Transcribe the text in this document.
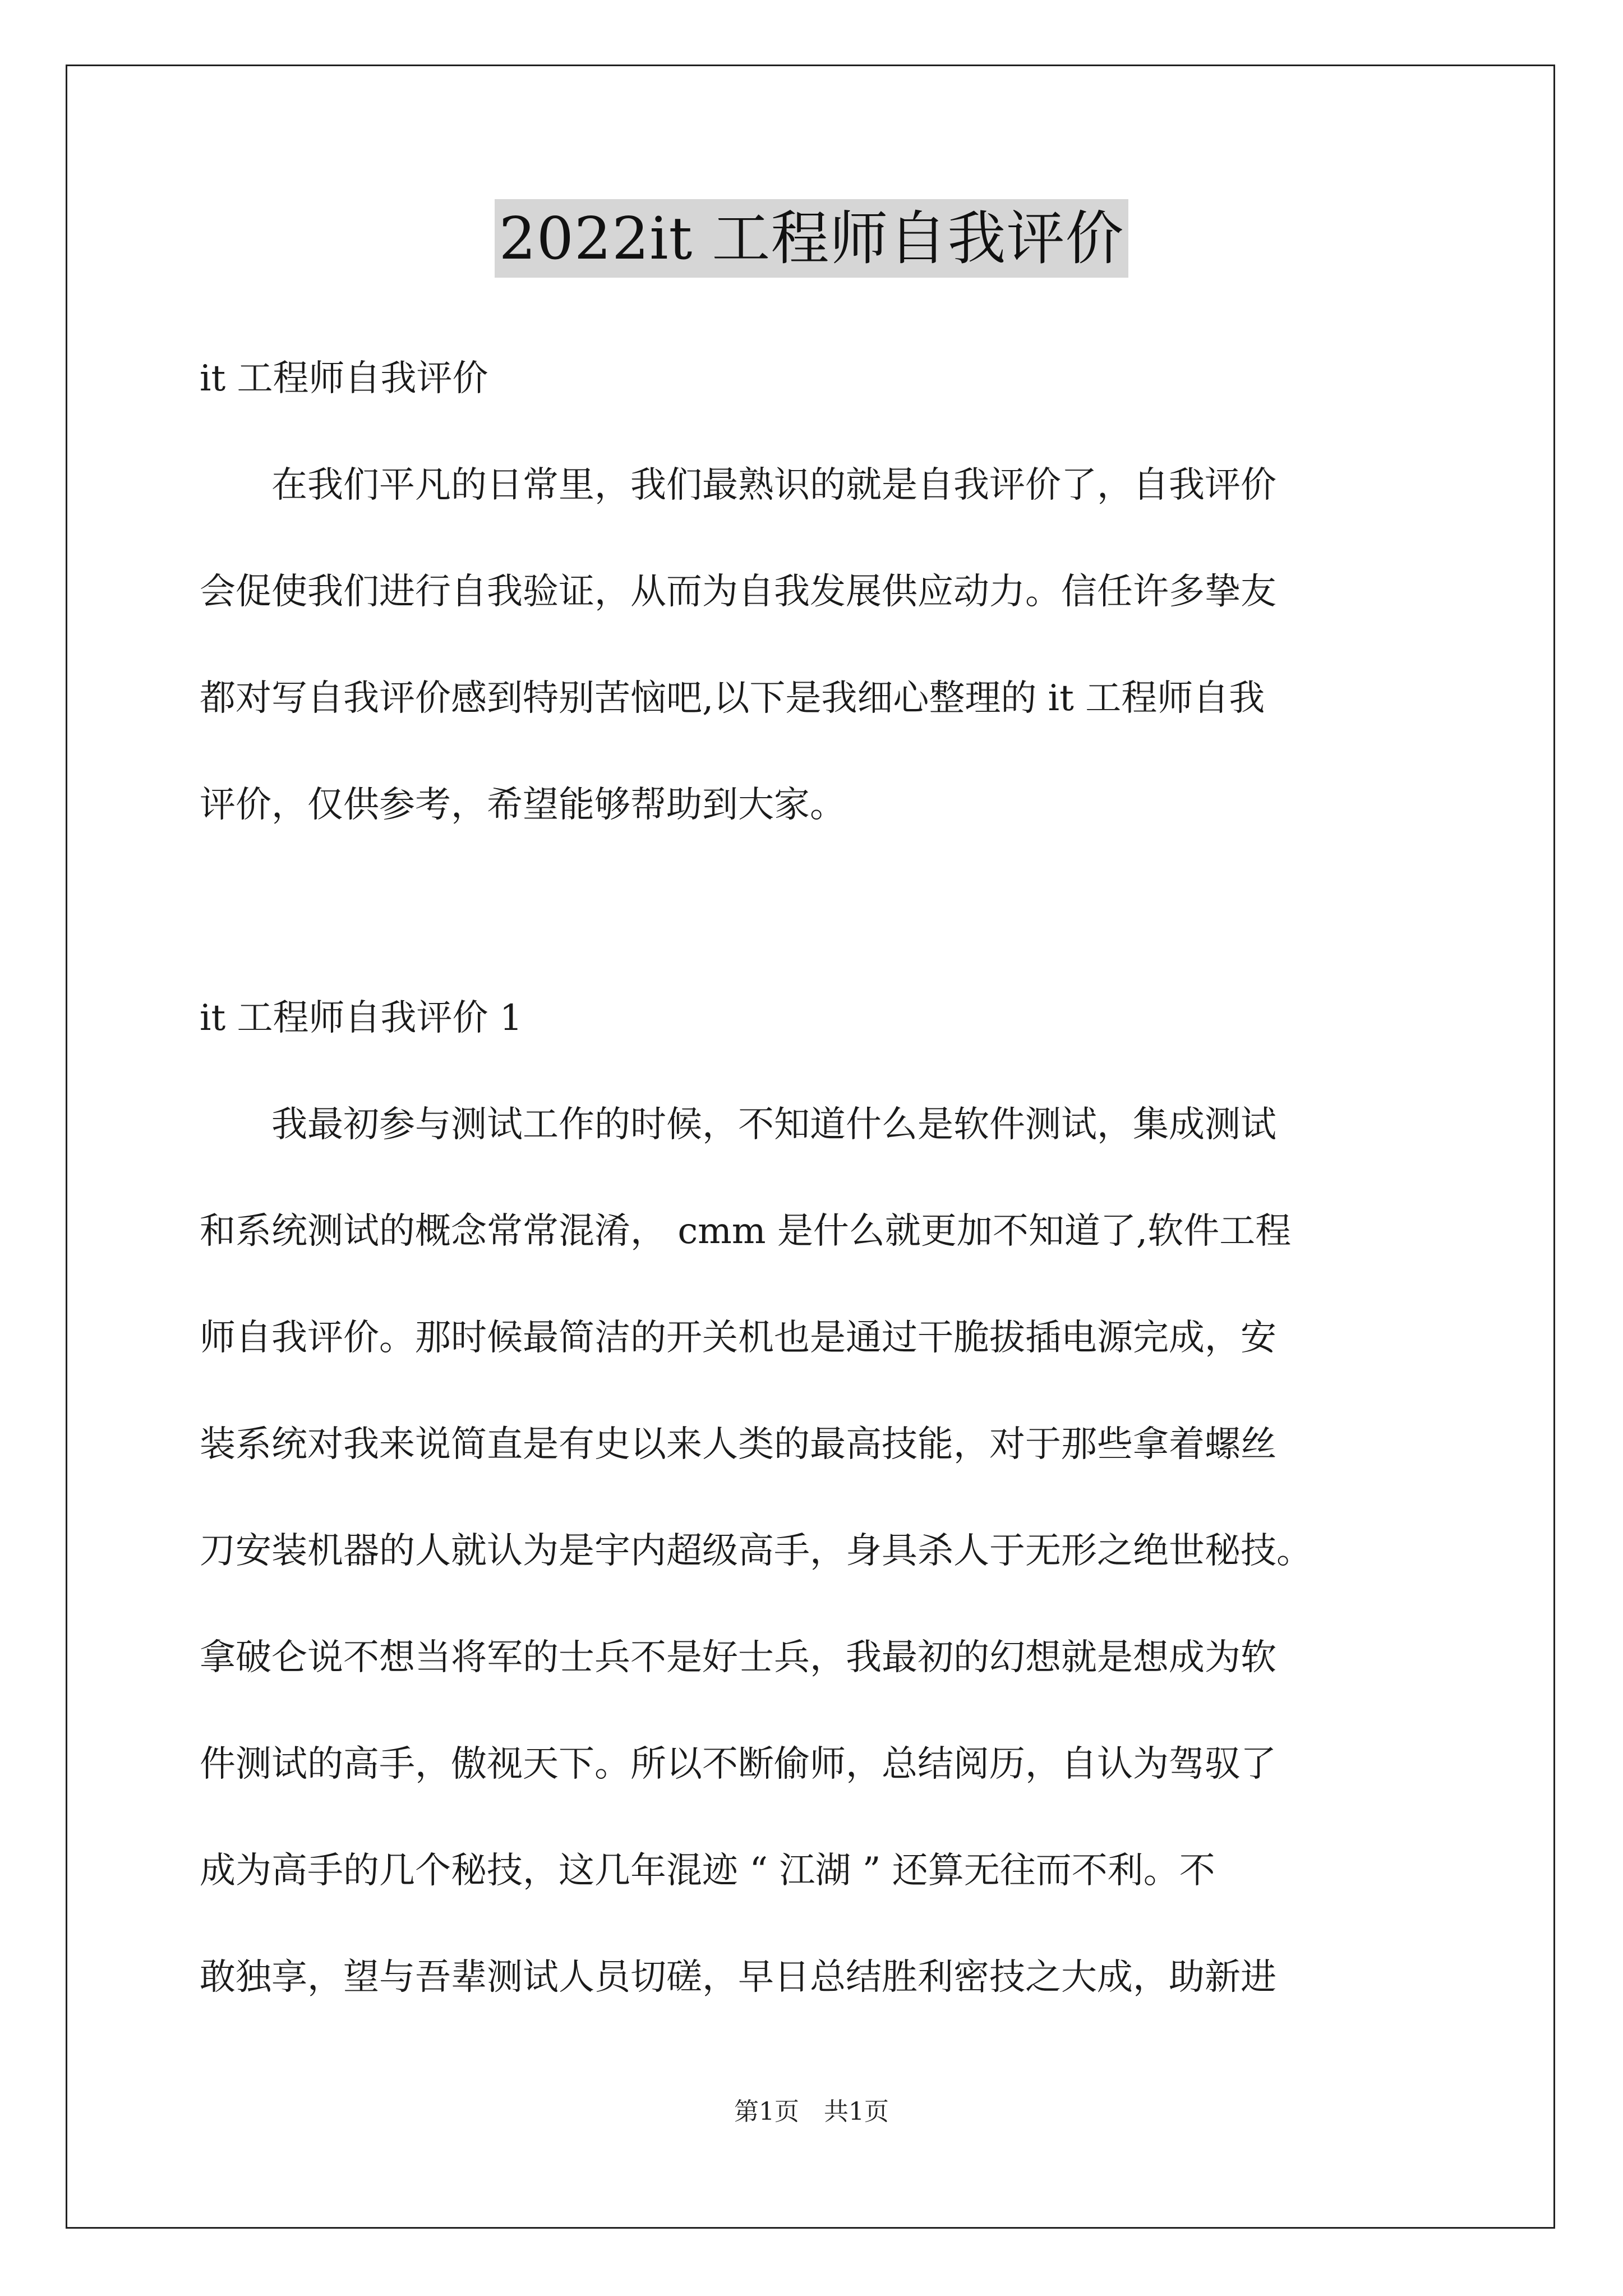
2022it 工程师自我评价
it 工程师自我评价
　　在我们平凡的日常里，我们最熟识的就是自我评价了，自我评价
会促使我们进行自我验证，从而为自我发展供应动力。信任许多挚友
都对写自我评价感到特别苦恼吧,以下是我细心整理的 it 工程师自我
评价，仅供参考，希望能够帮助到大家。
it 工程师自我评价 1
　　我最初参与测试工作的时候，不知道什么是软件测试，集成测试
和系统测试的概念常常混淆， cmm 是什么就更加不知道了,软件工程
师自我评价。那时候最简洁的开关机也是通过干脆拔插电源完成，安
装系统对我来说简直是有史以来人类的最高技能，对于那些拿着螺丝
刀安装机器的人就认为是宇内超级高手，身具杀人于无形之绝世秘技。
拿破仑说不想当将军的士兵不是好士兵，我最初的幻想就是想成为软
件测试的高手，傲视天下。所以不断偷师，总结阅历，自认为驾驭了
成为高手的几个秘技，这几年混迹 “ 江湖 ” 还算无往而不利。不
敢独享，望与吾辈测试人员切磋，早日总结胜利密技之大成，助新进
第1页　共1页
